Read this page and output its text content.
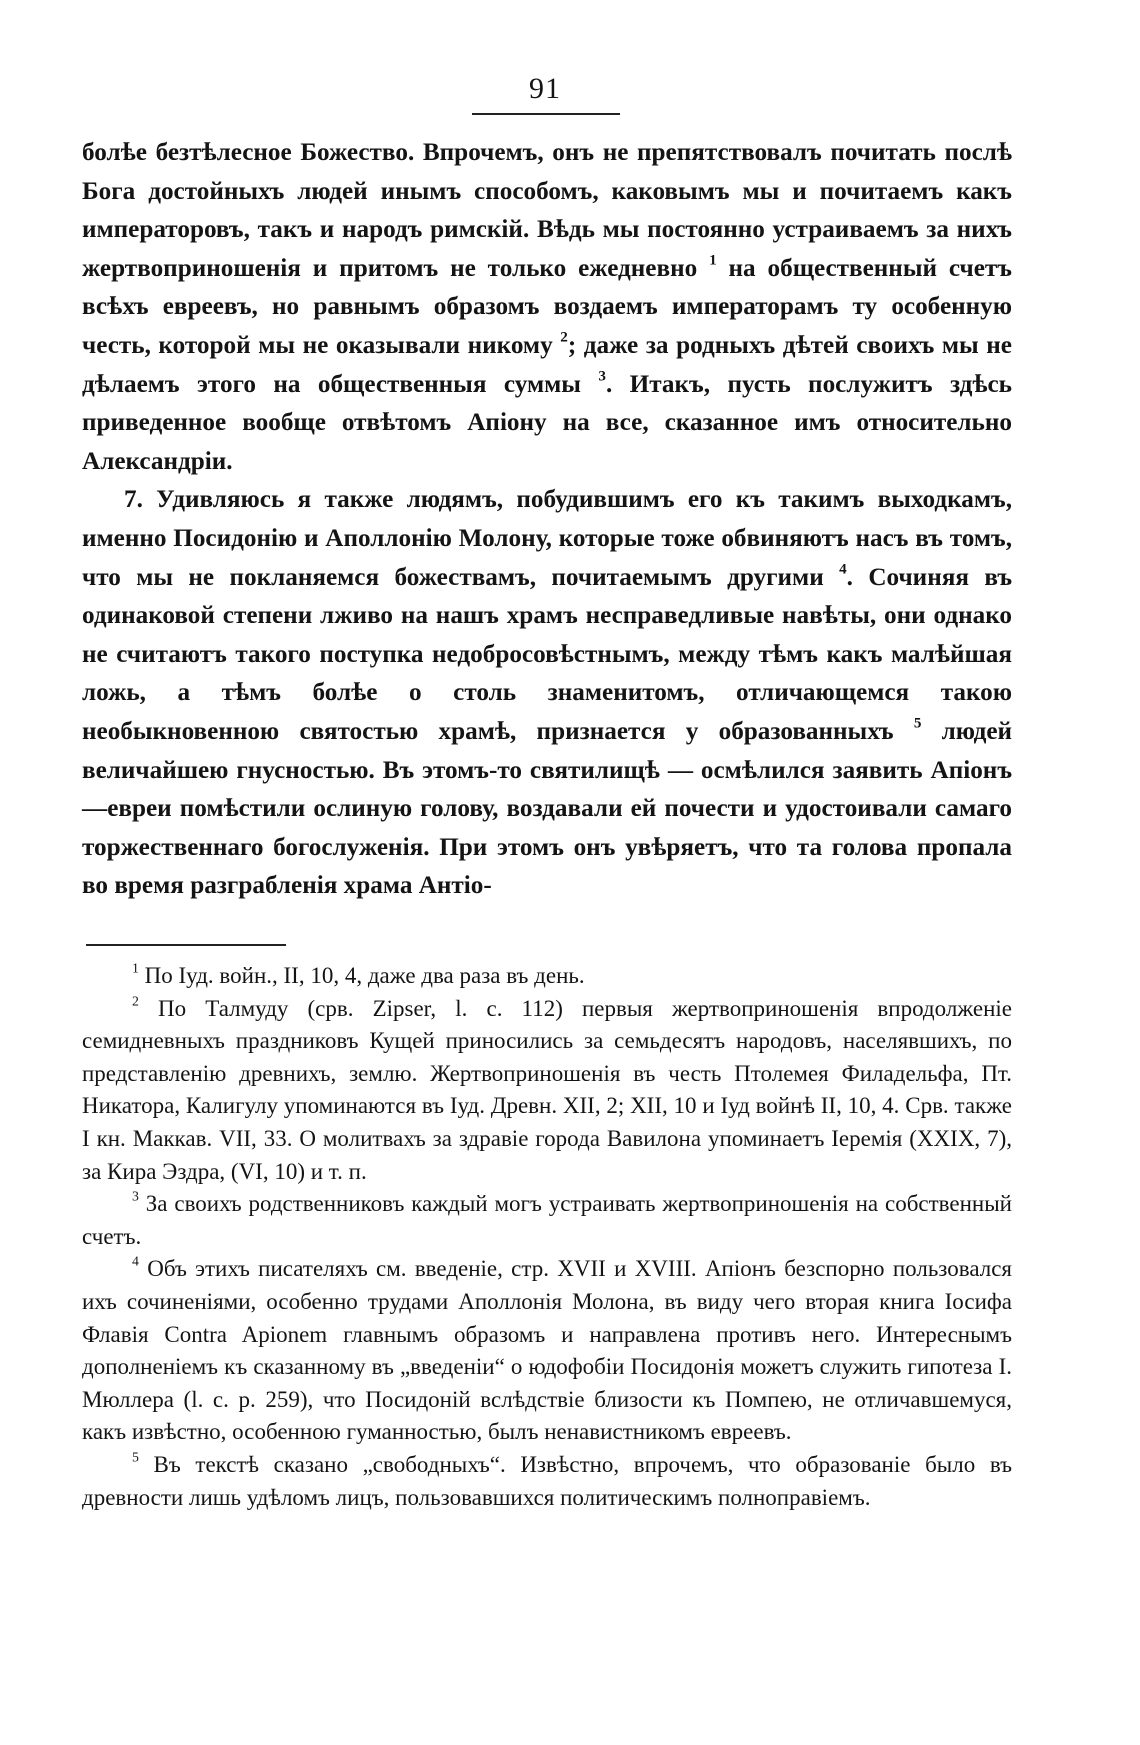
91

болѣе безтѣлесное Божество. Впрочемъ, онъ не препятствовалъ почитать послѣ Бога достойныхъ людей инымъ способомъ, каковымъ мы и почитаемъ какъ императоровъ, такъ и народъ римскій. Вѣдь мы постоянно устраиваемъ за нихъ жертвоприношенія и притомъ не только ежедневно $^1$ на общественный счетъ всѣхъ евреевъ, но равнымъ образомъ воздаемъ императорамъ ту особенную честь, которой мы не оказывали никому $^2$; даже за родныхъ дѣтей своихъ мы не дѣлаемъ этого на общественныя суммы $^3$. Итакъ, пусть послужитъ здѣсь приведенное вообще отвѣтомъ Апіону на все, сказанное имъ относительно Александріи.

7. Удивляюсь я также людямъ, побудившимъ его къ такимъ выходкамъ, именно Посидонію и Аполлонію Молону, которые тоже обвиняютъ насъ въ томъ, что мы не покланяемся божествамъ, почитаемымъ другими $^4$. Сочиняя въ одинаковой степени лживо на нашъ храмъ несправедливые навѣты, они однако не считаютъ такого поступка недобросовѣстнымъ, между тѣмъ какъ малѣйшая ложь, а тѣмъ болѣе о столь знаменитомъ, отличающемся такою необыкновенною святостью храмѣ, признается у образованныхъ $^5$ людей величайшею гнусностью. Въ этомъ-то святилищѣ — осмѣлился заявить Апіонъ—евреи помѣстили ослиную голову, воздавали ей почести и удостоивали самаго торжественнаго богослуженія. При этомъ онъ увѣряетъ, что та голова пропала во время разграбленія храма Антіо-

$^1$ По Іуд. войн., II, 10, 4, даже два раза въ день.

$^2$ По Талмуду (срв. Zipser, l. c. 112) первыя жертвоприношенія впродолженіе семидневныхъ праздниковъ Кущей приносились за семьдесятъ народовъ, населявшихъ, по представленію древнихъ, землю. Жертвоприношенія въ честь Птолемея Филадельфа, Пт. Никатора, Калигулу упоминаются въ Іуд. Древн. XII, 2; XII, 10 и Іуд войнѣ II, 10, 4. Срв. также I кн. Маккав. VII, 33. О молитвахъ за здравіе города Вавилона упоминаетъ Іеремія (XXIX, 7), за Кира Эздра, (VI, 10) и т. п.

$^3$ За своихъ родственниковъ каждый могъ устраивать жертвоприношенія на собственный счетъ.

$^4$ Объ этихъ писателяхъ см. введеніе, стр. XVII и XVIII. Апіонъ безспорно пользовался ихъ сочиненіями, особенно трудами Аполлонія Молона, въ виду чего вторая книга Іосифа Флавія Contra Apionem главнымъ образомъ и направлена противъ него. Интереснымъ дополненіемъ къ сказанному въ „введеніи“ о юдофобіи Посидонія можетъ служить гипотеза I. Мюллера (l. c. p. 259), что Посидоній вслѣдствіе близости къ Помпею, не отличавшемуся, какъ извѣстно, особенною гуманностью, былъ ненавистникомъ евреевъ.

$^5$ Въ текстѣ сказано „свободныхъ“. Извѣстно, впрочемъ, что образованіе было въ древности лишь удѣломъ лицъ, пользовавшихся политическимъ полноправіемъ.
